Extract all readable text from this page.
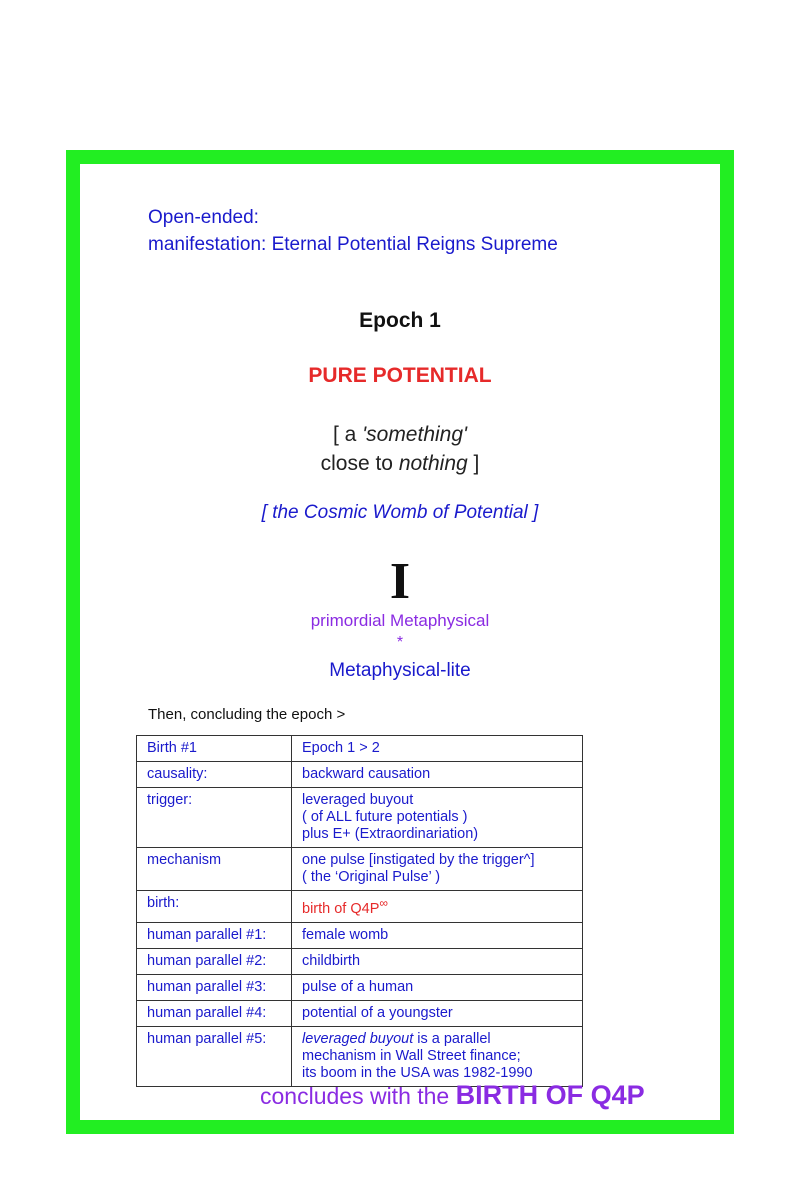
Open-ended:
manifestation: Eternal Potential Reigns Supreme
Epoch 1
PURE POTENTIAL
[ a 'something'
close to nothing ]
[ the Cosmic Womb of Potential ]
I
primordial Metaphysical
*
Metaphysical-lite
Then, concluding the epoch >
Birth #1	Epoch 1 > 2
causality:	backward causation
trigger:	leveraged buyout
( of ALL future potentials )
plus E+ (Extraordinariation)

mechanism	one pulse [instigated by the trigger^]
( the ‘Original Pulse’ )

birth:	birth of Q4P∞
human parallel #1:	female womb
human parallel #2:	childbirth
human parallel #3:	pulse of a human
human parallel #4:	potential of a youngster
human parallel #5:	leveraged buyout is a parallel
mechanism in Wall Street finance;
its boom in the USA was 1982-1990
concludes with the BIRTH OF Q4P
